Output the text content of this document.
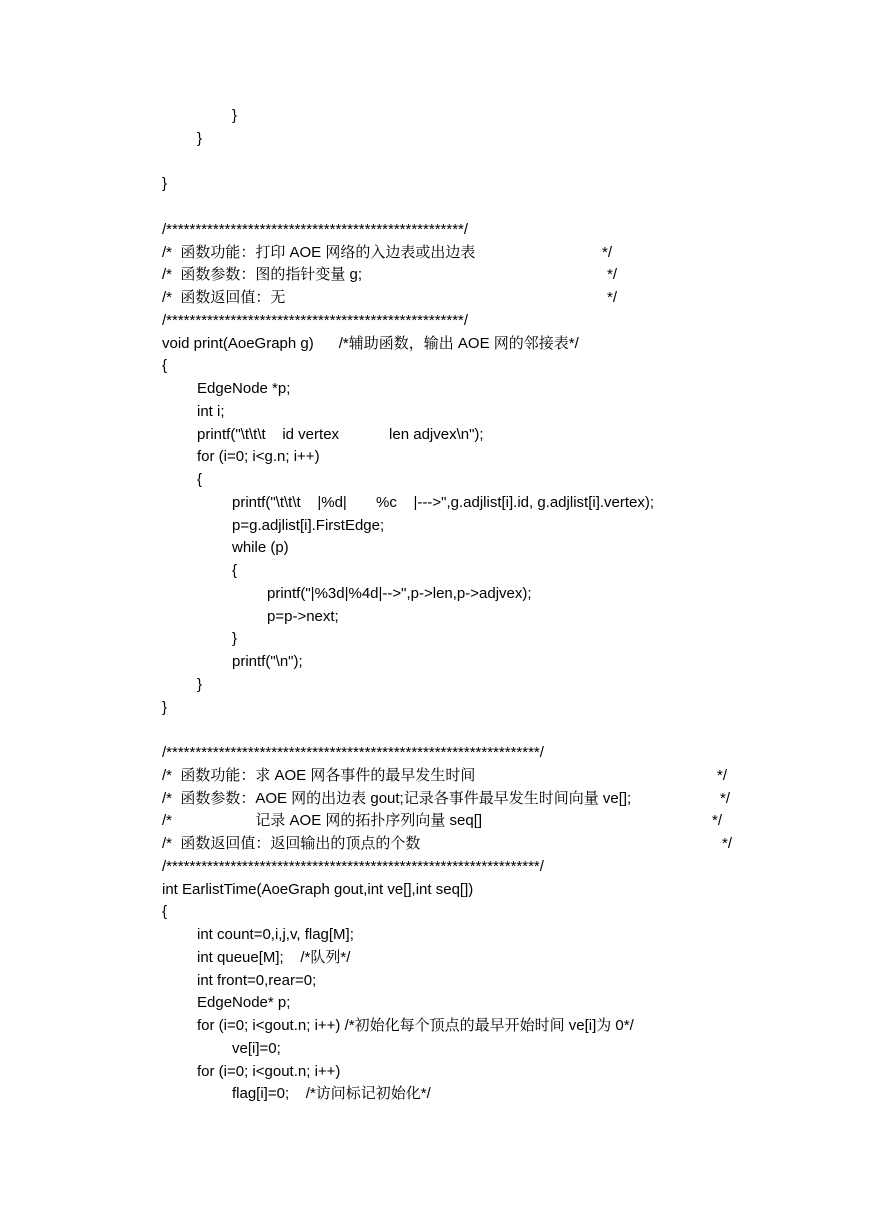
}
}
}
/***************************************************/
/*  函数功能：打印 AOE 网络的入边表或出边表	*/
/*  函数参数：图的指针变量 g;	*/
/*  函数返回值：无	*/
/***************************************************/
void print(AoeGraph g)      /*辅助函数，输出 AOE 网的邻接表*/
{
EdgeNode *p;
int i;
printf("\t\t\t    id vertex            len adjvex\n");
for (i=0; i<g.n; i++)
{
printf("\t\t\t    |%d|       %c    |--->",g.adjlist[i].id, g.adjlist[i].vertex);
p=g.adjlist[i].FirstEdge;
while (p)
{
printf("|%3d|%4d|-->",p->len,p->adjvex);
p=p->next;
}
printf("\n");
}
}
/****************************************************************/
/*  函数功能：求 AOE 网各事件的最早发生时间	*/
/*  函数参数：AOE 网的出边表 gout;记录各事件最早发生时间向量 ve[];	*/
/*                    记录 AOE 网的拓扑序列向量 seq[]	*/
/*  函数返回值：返回输出的顶点的个数	*/
/****************************************************************/
int EarlistTime(AoeGraph gout,int ve[],int seq[])
{
int count=0,i,j,v, flag[M];
int queue[M];    /*队列*/
int front=0,rear=0;
EdgeNode* p;
for (i=0; i<gout.n; i++) /*初始化每个顶点的最早开始时间 ve[i]为 0*/
ve[i]=0;
for (i=0; i<gout.n; i++)
flag[i]=0;    /*访问标记初始化*/
